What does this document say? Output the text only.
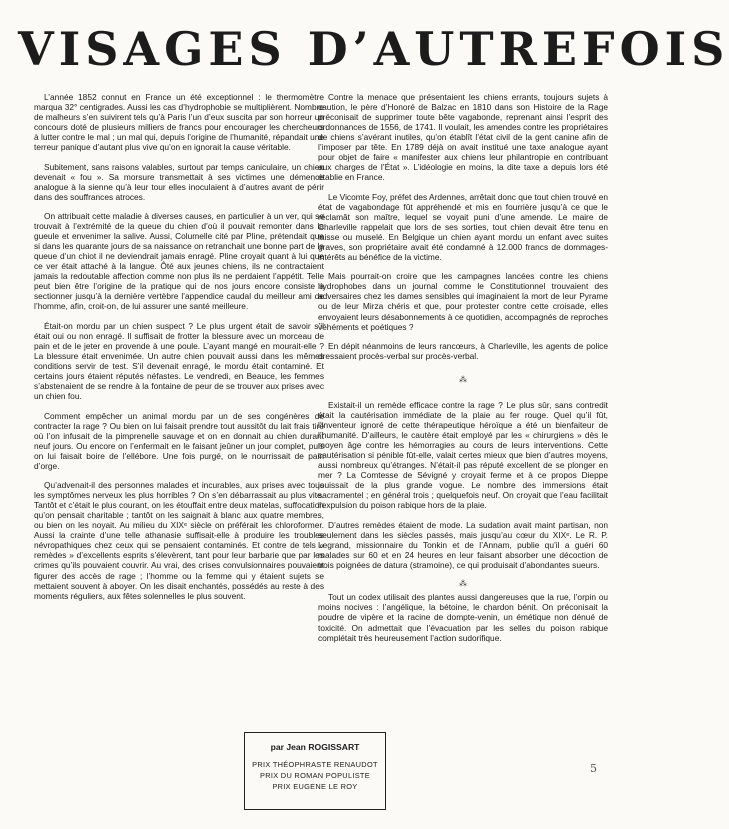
VISAGES D’AUTREFOIS

L’année 1852 connut en France un été exceptionnel : le thermomètre marqua 32° centigrades. Aussi les cas d’hydrophobie se multiplièrent. Nombre de malheurs s’en suivirent tels qu’à Paris l’un d’eux suscita par son horreur un concours doté de plusieurs milliers de francs pour encourager les chercheurs à lutter contre le mal ; un mal qui, depuis l’origine de l’humanité, répandait une terreur panique d’autant plus vive qu’on en ignorait la cause véritable.

Subitement, sans raisons valables, surtout par temps caniculaire, un chien devenait « fou ». Sa morsure transmettait à ses victimes une démence analogue à la sienne qu’à leur tour elles inoculaient à d’autres avant de périr dans des souffrances atroces.

On attribuait cette maladie à diverses causes, en particulier à un ver, qui se trouvait à l’extrémité de la queue du chien d’où il pouvait remonter dans la gueule et envenimer la salive. Aussi, Columelle cité par Pline, prétendait que si dans les quarante jours de sa naissance on retranchait une bonne part de la queue d’un chiot il ne deviendrait jamais enragé. Pline croyait quant à lui que ce ver était attaché à la langue. Ôté aux jeunes chiens, ils ne contractaient jamais la redoutable affection comme non plus ils ne perdaient l’appétit. Telle peut bien être l’origine de la pratique qui de nos jours encore consiste à sectionner jusqu’à la dernière vertèbre l’appendice caudal du meilleur ami de l’homme, afin, croit-on, de lui assurer une santé meilleure.

Était-on mordu par un chien suspect ? Le plus urgent était de savoir s’il était oui ou non enragé. Il suffisait de frotter la blessure avec un morceau de pain et de le jeter en provende à une poule. L’ayant mangé en mourait-elle ? La blessure était envenimée. Un autre chien pouvait aussi dans les mêmes conditions servir de test. S’il devenait enragé, le mordu était contaminé. Et certains jours étaient réputés néfastes. Le vendredi, en Beauce, les femmes s’abstenaient de se rendre à la fontaine de peur de se trouver aux prises avec un chien fou.

Comment empêcher un animal mordu par un de ses congénères de contracter la rage ? Ou bien on lui faisait prendre tout aussitôt du lait frais tiré où l’on infusait de la pimprenelle sauvage et on en donnait au chien durant neuf jours. Ou encore on l’enfermait en le faisant jeûner un jour complet, puis on lui faisait boire de l’ellébore. Une fois purgé, on le nourrissait de pain d’orge.

Qu’advenait-il des personnes malades et incurables, aux prises avec tous les symptômes nerveux les plus horribles ? On s’en débarrassait au plus vite. Tantôt et c’était le plus courant, on les étouffait entre deux matelas, suffocation qu’on pensait charitable ; tantôt on les saignait à blanc aux quatre membres, ou bien on les noyait. Au milieu du XIXᵉ siècle on préférait les chloroformer. Aussi la crainte d’une telle athanasie suffisait-elle à produire les troubles névropathiques chez ceux qui se pensaient contaminés. Et contre de tels « remèdes » d’excellents esprits s’élevèrent, tant pour leur barbarie que par les crimes qu’ils pouvaient couvrir. Au vrai, des crises convulsionnaires pouvaient figurer des accès de rage ; l’homme ou la femme qui y étaient sujets se mettaient souvent à aboyer. On les disait enchantés, possédés au reste à des moments réguliers, aux fêtes solennelles le plus souvent.

Contre la menace que présentaient les chiens errants, toujours sujets à caution, le père d’Honoré de Balzac en 1810 dans son Histoire de la Rage préconisait de supprimer toute bête vagabonde, reprenant ainsi l’esprit des ordonnances de 1556, de 1741. Il voulait, les amendes contre les propriétaires de chiens s’avérant inutiles, qu’on établît l’état civil de la gent canine afin de l’imposer par tête. En 1789 déjà on avait institué une taxe analogue ayant pour objet de faire « manifester aux chiens leur philantropie en contribuant aux charges de l’État ». L’idéologie en moins, la dite taxe a depuis lors été établie en France.

Le Vicomte Foy, préfet des Ardennes, arrêtait donc que tout chien trouvé en état de vagabondage fût appréhendé et mis en fourrière jusqu’à ce que le réclamât son maître, lequel se voyait puni d’une amende. Le maire de Charleville rappelait que lors de ses sorties, tout chien devait être tenu en laisse ou muselé. En Belgique un chien ayant mordu un enfant avec suites graves, son propriétaire avait été condamné à 12.000 francs de dommages-intérêts au bénéfice de la victime.

Mais pourrait-on croire que les campagnes lancées contre les chiens hydrophobes dans un journal comme le Constitutionnel trouvaient des adversaires chez les dames sensibles qui imaginaient la mort de leur Pyrame ou de leur Mirza chéris et que, pour protester contre cette croisade, elles envoyaient leurs désabonnements à ce quotidien, accompagnés de reproches véhéments et poétiques ?

En dépit néanmoins de leurs rancœurs, à Charleville, les agents de police dressaient procès-verbal sur procès-verbal.

⁂

Existait-il un remède efficace contre la rage ? Le plus sûr, sans contredit était la cautérisation immédiate de la plaie au fer rouge. Quel qu’il fût, l’inventeur ignoré de cette thérapeutique héroïque a été un bienfaiteur de l’humanité. D’ailleurs, le cautère était employé par les « chirurgiens » dès le moyen âge contre les hémorragies au cours de leurs interventions. Cette cautérisation si pénible fût-elle, valait certes mieux que bien d’autres moyens, aussi nombreux qu’étranges. N’était-il pas réputé excellent de se plonger en mer ? La Comtesse de Sévigné y croyait ferme et à ce propos Dieppe jouissait de la plus grande vogue. Le nombre des immersions était sacramentel ; en général trois ; quelquefois neuf. On croyait que l’eau facilitait l’expulsion du poison rabique hors de la plaie.

D’autres remèdes étaient de mode. La sudation avait maint partisan, non seulement dans les siècles passés, mais jusqu’au cœur du XIXᵉ. Le R. P. Legrand, missionnaire du Tonkin et de l’Annam, publie qu’il a guéri 60 malades sur 60 et en 24 heures en leur faisant absorber une décoction de trois poignées de datura (stramoine), ce qui produisait d’abondantes sueurs.

⁂

Tout un codex utilisait des plantes aussi dangereuses que la rue, l’orpin ou moins nocives : l’angélique, la bétoine, le chardon bénit. On préconisait la poudre de vipère et la racine de dompte-venin, un émétique non dénué de toxicité. On admettait que l’évacuation par les selles du poison rabique complétait très heureusement l’action sudorifique.

par Jean ROGISSART
PRIX THÉOPHRASTE RENAUDOT
PRIX DU ROMAN POPULISTE
PRIX EUGENE LE ROY
5
